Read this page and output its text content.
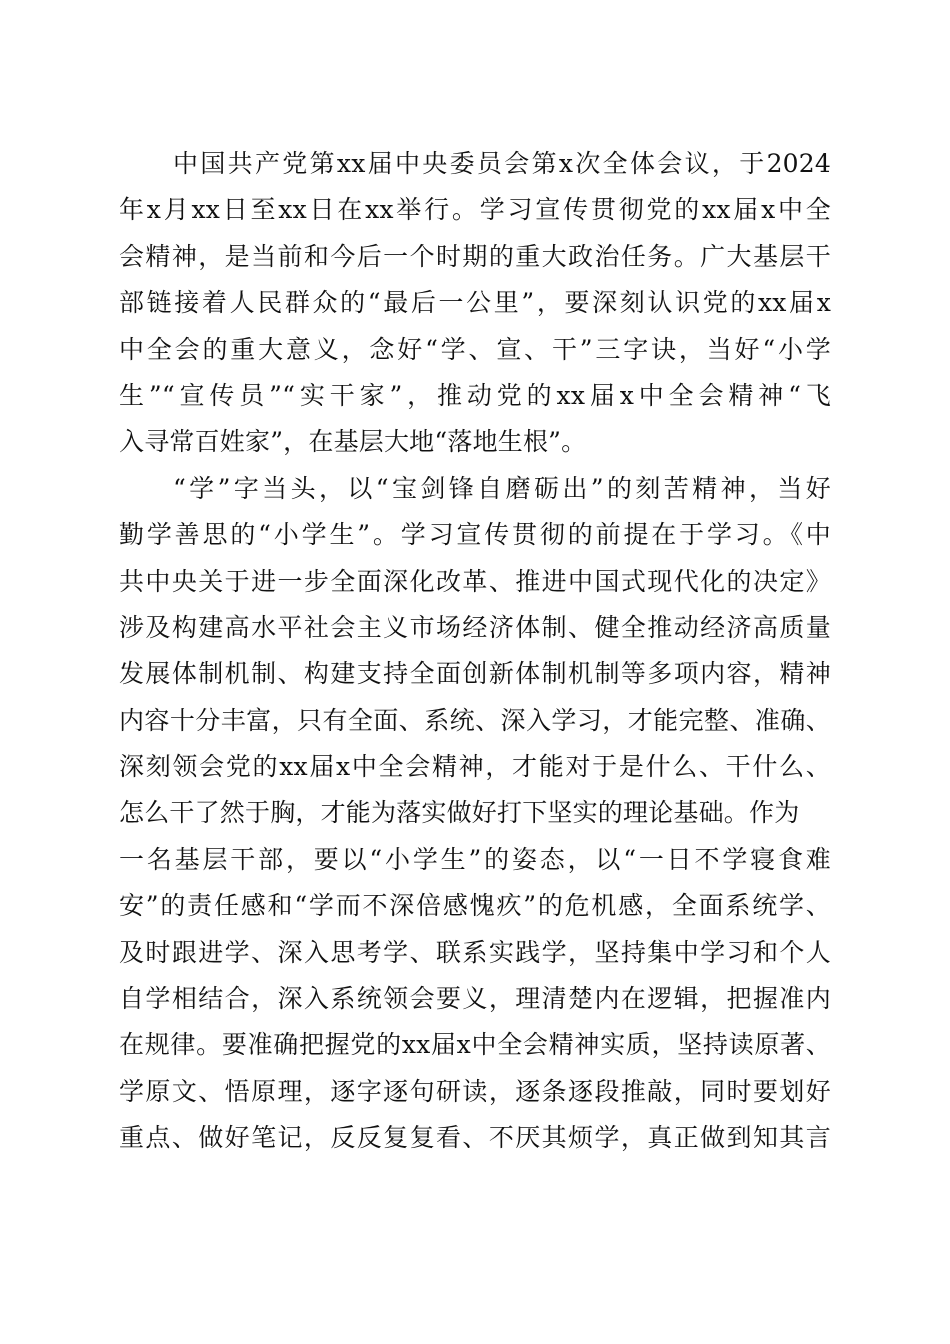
中国共产党第xx届中央委员会第x次全体会议，于2024
年x月xx日至xx日在xx举行。学习宣传贯彻党的xx届x中全
会精神，是当前和今后一个时期的重大政治任务。广大基层干
部链接着人民群众的“最后一公里”，要深刻认识党的xx届x
中全会的重大意义，念好“学、宣、干”三字诀，当好“小学
生”“宣传员”“实干家”，推动党的xx届x中全会精神“飞
入寻常百姓家”，在基层大地“落地生根”。
“学”字当头，以“宝剑锋自磨砺出”的刻苦精神，当好
勤学善思的“小学生”。学习宣传贯彻的前提在于学习。《中
共中央关于进一步全面深化改革、推进中国式现代化的决定》
涉及构建高水平社会主义市场经济体制、健全推动经济高质量
发展体制机制、构建支持全面创新体制机制等多项内容，精神
内容十分丰富，只有全面、系统、深入学习，才能完整、准确、
深刻领会党的xx届x中全会精神，才能对于是什么、干什么、
怎么干了然于胸，才能为落实做好打下坚实的理论基础。作为
一名基层干部，要以“小学生”的姿态，以“一日不学寝食难
安”的责任感和“学而不深倍感愧疚”的危机感，全面系统学、
及时跟进学、深入思考学、联系实践学，坚持集中学习和个人
自学相结合，深入系统领会要义，理清楚内在逻辑，把握准内
在规律。要准确把握党的xx届x中全会精神实质，坚持读原著、
学原文、悟原理，逐字逐句研读，逐条逐段推敲，同时要划好
重点、做好笔记，反反复复看、不厌其烦学，真正做到知其言
